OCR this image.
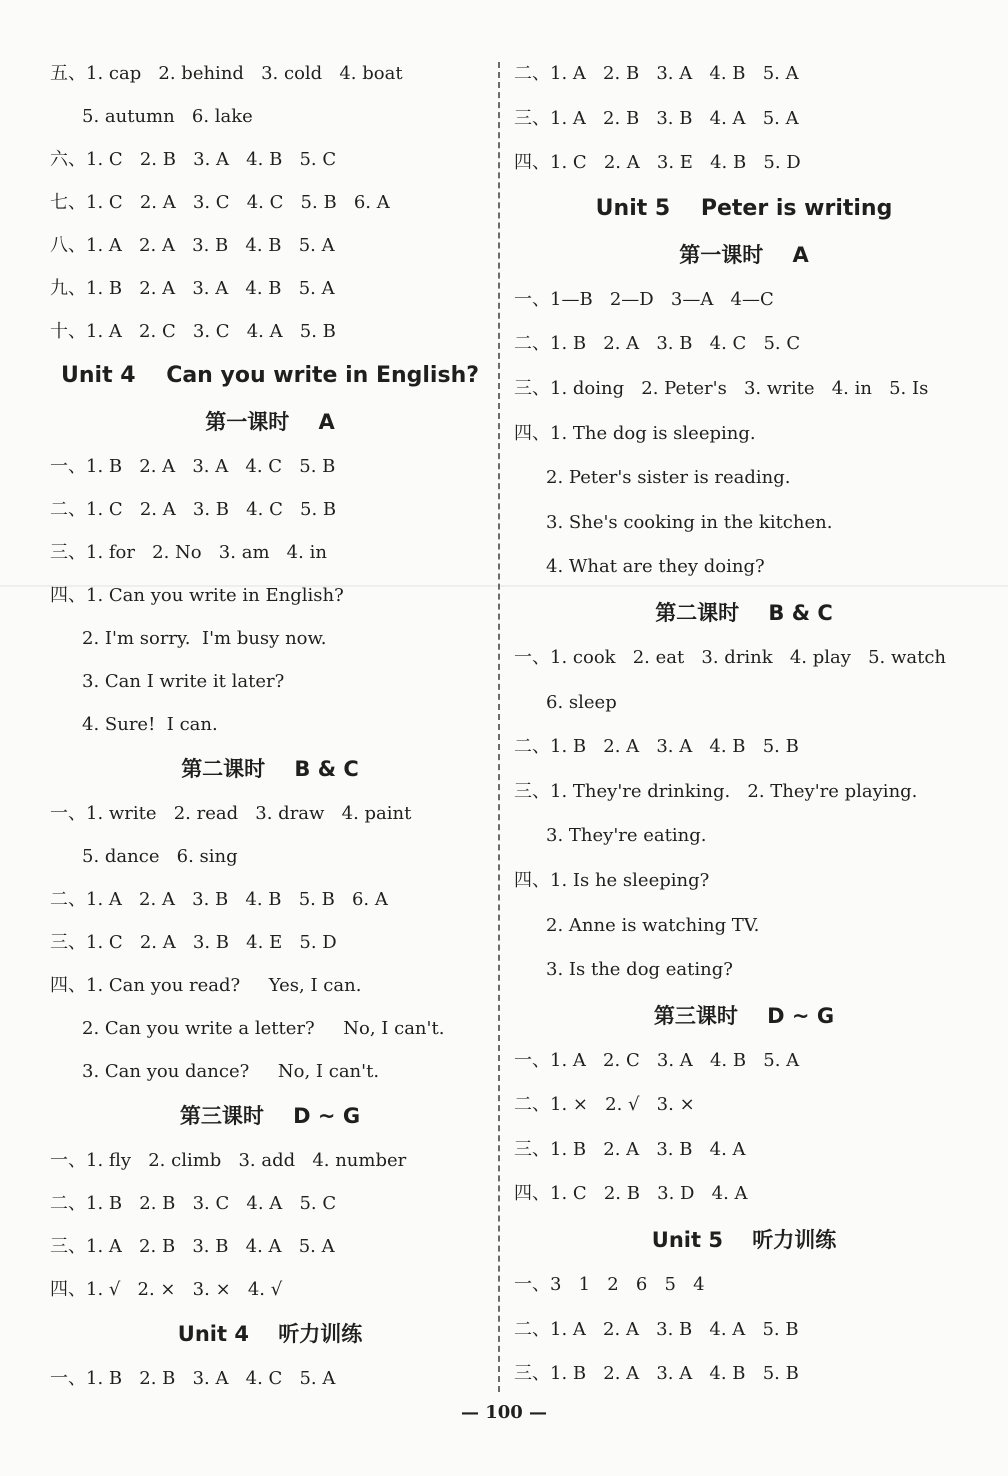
五、1. cap   2. behind   3. cold   4. boat
5. autumn   6. lake
六、1. C   2. B   3. A   4. B   5. C
七、1. C   2. A   3. C   4. C   5. B   6. A
八、1. A   2. A   3. B   4. B   5. A
九、1. B   2. A   3. A   4. B   5. A
十、1. A   2. C   3. C   4. A   5. B
Unit 4    Can you write in English?
第一课时    A
一、1. B   2. A   3. A   4. C   5. B
二、1. C   2. A   3. B   4. C   5. B
三、1. for   2. No   3. am   4. in
四、1. Can you write in English?
2. I'm sorry.  I'm busy now.
3. Can I write it later?
4. Sure!  I can.
第二课时    B & C
一、1. write   2. read   3. draw   4. paint
5. dance   6. sing
二、1. A   2. A   3. B   4. B   5. B   6. A
三、1. C   2. A   3. B   4. E   5. D
四、1. Can you read?     Yes, I can.
2. Can you write a letter?     No, I can't.
3. Can you dance?     No, I can't.
第三课时    D ~ G
一、1. fly   2. climb   3. add   4. number
二、1. B   2. B   3. C   4. A   5. C
三、1. A   2. B   3. B   4. A   5. A
四、1. √   2. ×   3. ×   4. √
Unit 4    听力训练
一、1. B   2. B   3. A   4. C   5. A
二、1. A   2. B   3. A   4. B   5. A
三、1. A   2. B   3. B   4. A   5. A
四、1. C   2. A   3. E   4. B   5. D
Unit 5    Peter is writing
第一课时    A
一、1—B   2—D   3—A   4—C
二、1. B   2. A   3. B   4. C   5. C
三、1. doing   2. Peter's   3. write   4. in   5. Is
四、1. The dog is sleeping.
2. Peter's sister is reading.
3. She's cooking in the kitchen.
4. What are they doing?
第二课时    B & C
一、1. cook   2. eat   3. drink   4. play   5. watch
6. sleep
二、1. B   2. A   3. A   4. B   5. B
三、1. They're drinking.   2. They're playing.
3. They're eating.
四、1. Is he sleeping?
2. Anne is watching TV.
3. Is the dog eating?
第三课时    D ~ G
一、1. A   2. C   3. A   4. B   5. A
二、1. ×   2. √   3. ×
三、1. B   2. A   3. B   4. A
四、1. C   2. B   3. D   4. A
Unit 5    听力训练
一、3   1   2   6   5   4
二、1. A   2. A   3. B   4. A   5. B
三、1. B   2. A   3. A   4. B   5. B
— 100 —
